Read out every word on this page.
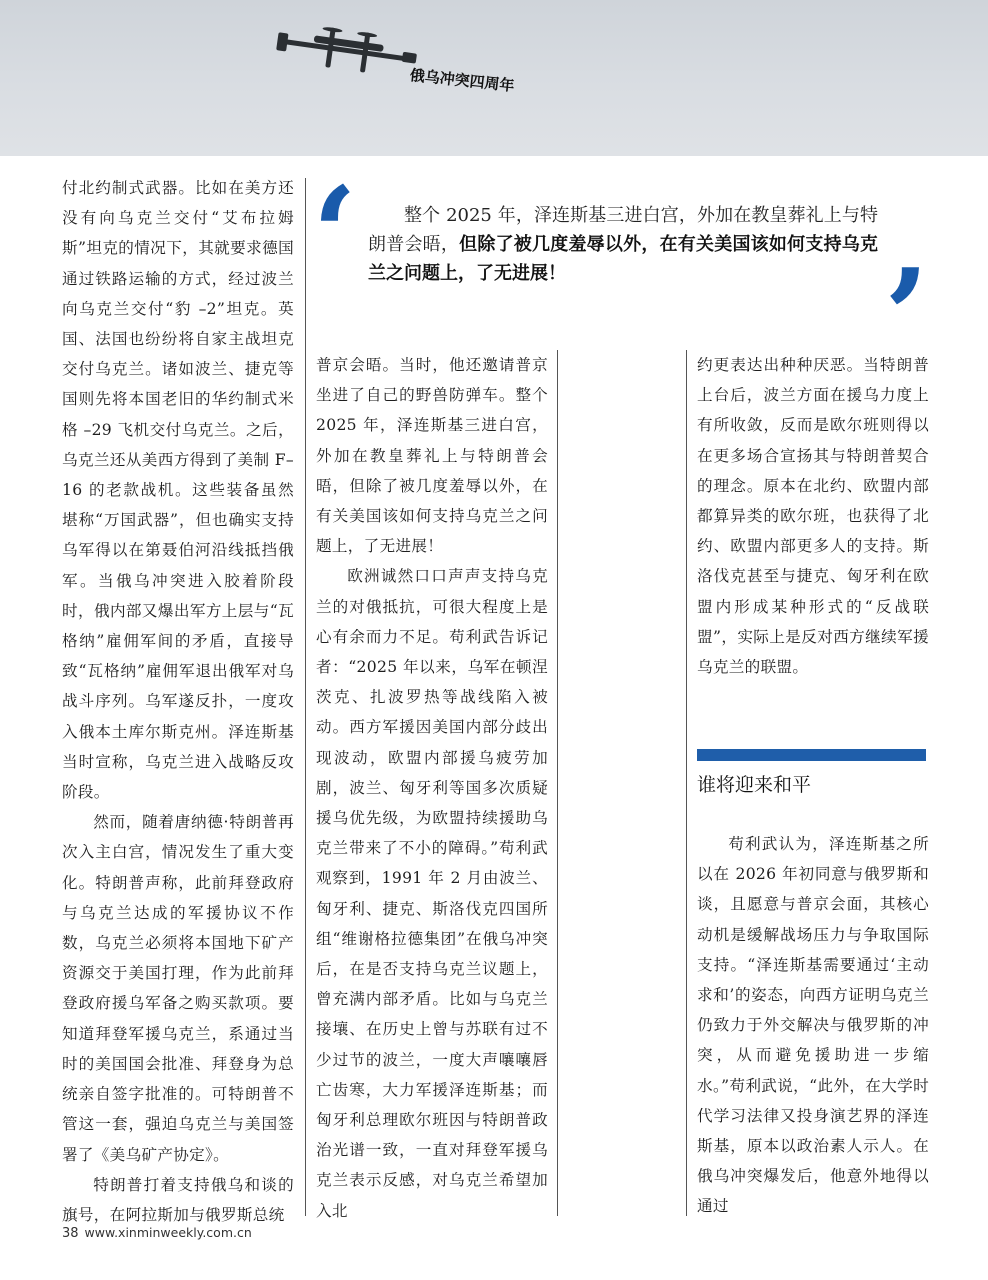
俄乌冲突四周年

付北约制式武器。比如在美方还没有向乌克兰交付“艾布拉姆斯”坦克的情况下，其就要求德国通过铁路运输的方式，经过波兰向乌克兰交付“豹 –2”坦克。英国、法国也纷纷将自家主战坦克交付乌克兰。诸如波兰、捷克等国则先将本国老旧的华约制式米格 –29 飞机交付乌克兰。之后，乌克兰还从美西方得到了美制 F–16 的老款战机。这些装备虽然堪称“万国武器”，但也确实支持乌军得以在第聂伯河沿线抵挡俄军。当俄乌冲突进入胶着阶段时，俄内部又爆出军方上层与“瓦格纳”雇佣军间的矛盾，直接导致“瓦格纳”雇佣军退出俄军对乌战斗序列。乌军遂反扑，一度攻入俄本土库尔斯克州。泽连斯基当时宣称，乌克兰进入战略反攻阶段。

然而，随着唐纳德·特朗普再次入主白宫，情况发生了重大变化。特朗普声称，此前拜登政府与乌克兰达成的军援协议不作数，乌克兰必须将本国地下矿产资源交于美国打理，作为此前拜登政府援乌军备之购买款项。要知道拜登军援乌克兰，系通过当时的美国国会批准、拜登身为总统亲自签字批准的。可特朗普不管这一套，强迫乌克兰与美国签署了《美乌矿产协定》。

特朗普打着支持俄乌和谈的旗号，在阿拉斯加与俄罗斯总统

‘	整个 2025 年，泽连斯基三进白宫，外加在教皇葬礼上与特朗普会晤，但除了被几度羞辱以外，在有关美国该如何支持乌克兰之问题上，了无进展！	’

普京会晤。当时，他还邀请普京坐进了自己的野兽防弹车。整个 2025 年，泽连斯基三进白宫，外加在教皇葬礼上与特朗普会晤，但除了被几度羞辱以外，在有关美国该如何支持乌克兰之问题上，了无进展！

欧洲诚然口口声声支持乌克兰的对俄抵抗，可很大程度上是心有余而力不足。苟利武告诉记者：“2025 年以来，乌军在顿涅茨克、扎波罗热等战线陷入被动。西方军援因美国内部分歧出现波动，欧盟内部援乌疲劳加剧，波兰、匈牙利等国多次质疑援乌优先级，为欧盟持续援助乌克兰带来了不小的障碍。”苟利武观察到，1991 年 2 月由波兰、匈牙利、捷克、斯洛伐克四国所组“维谢格拉德集团”在俄乌冲突后，在是否支持乌克兰议题上，曾充满内部矛盾。比如与乌克兰接壤、在历史上曾与苏联有过不少过节的波兰，一度大声嚷嚷唇亡齿寒，大力军援泽连斯基；而匈牙利总理欧尔班因与特朗普政治光谱一致，一直对拜登军援乌克兰表示反感，对乌克兰希望加入北

约更表达出种种厌恶。当特朗普上台后，波兰方面在援乌力度上有所收敛，反而是欧尔班则得以在更多场合宣扬其与特朗普契合的理念。原本在北约、欧盟内部都算异类的欧尔班，也获得了北约、欧盟内部更多人的支持。斯洛伐克甚至与捷克、匈牙利在欧盟内形成某种形式的“反战联盟”，实际上是反对西方继续军援乌克兰的联盟。

谁将迎来和平

苟利武认为，泽连斯基之所以在 2026 年初同意与俄罗斯和谈，且愿意与普京会面，其核心动机是缓解战场压力与争取国际支持。“泽连斯基需要通过‘主动求和’的姿态，向西方证明乌克兰仍致力于外交解决与俄罗斯的冲突，从而避免援助进一步缩水。”苟利武说，“此外，在大学时代学习法律又投身演艺界的泽连斯基，原本以政治素人示人。在俄乌冲突爆发后，他意外地得以通过

38 www.xinminweekly.com.cn
